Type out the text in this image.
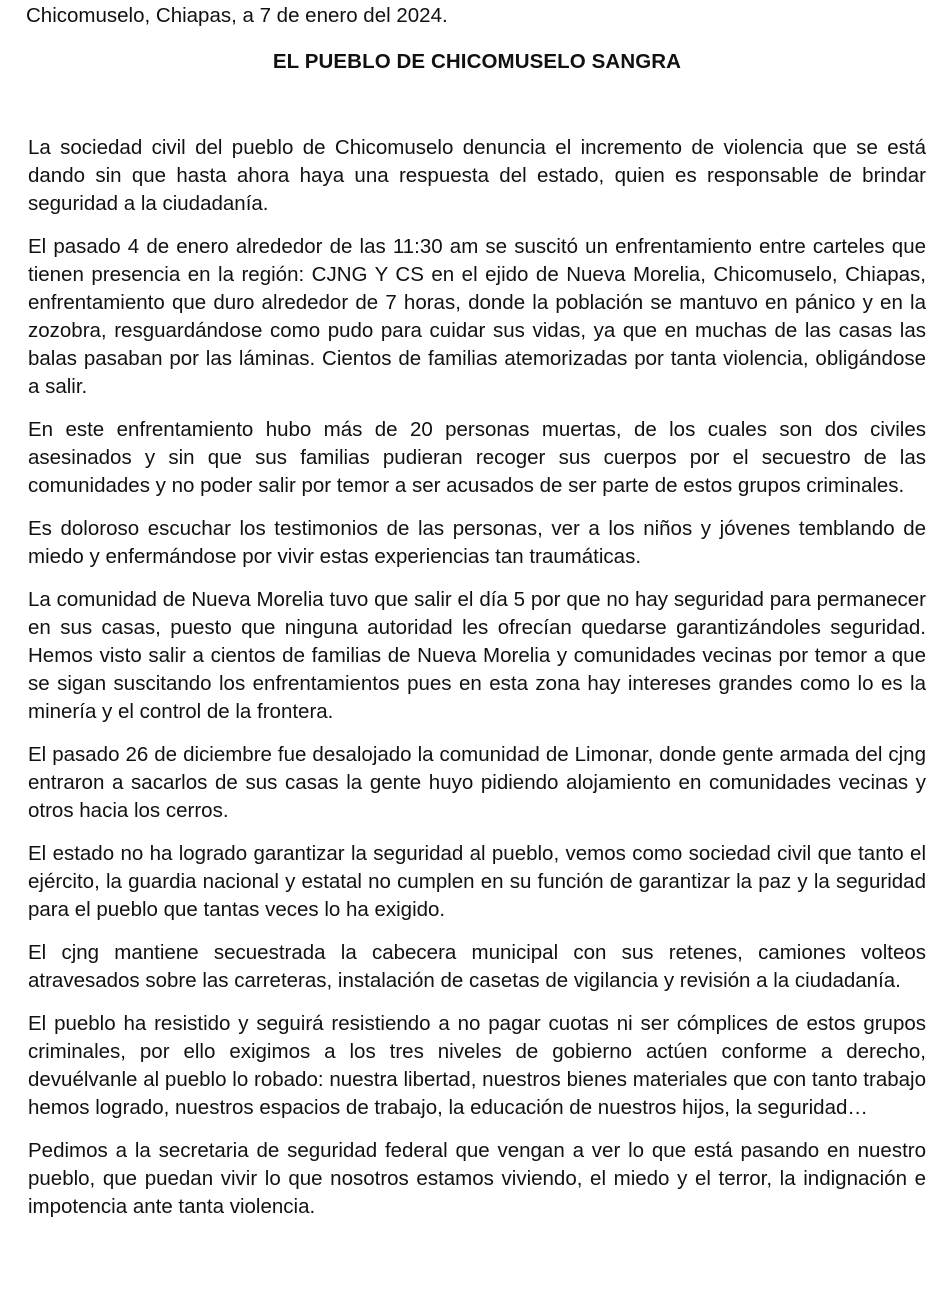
Chicomuselo, Chiapas, a 7 de enero del 2024.

EL PUEBLO DE CHICOMUSELO SANGRA

La sociedad civil del pueblo de Chicomuselo denuncia el incremento de violencia que se está dando sin que hasta ahora haya una respuesta del estado, quien es responsable de brindar seguridad a la ciudadanía.

El pasado 4 de enero alrededor de las 11:30 am se suscitó un enfrentamiento entre carteles que tienen presencia en la región: CJNG Y CS en el ejido de Nueva Morelia, Chicomuselo, Chiapas, enfrentamiento que duro alrededor de 7 horas, donde la población se mantuvo en pánico y en la zozobra, resguardándose como pudo para cuidar sus vidas, ya que en muchas de las casas las balas pasaban por las láminas. Cientos de familias atemorizadas por tanta violencia, obligándose a salir.

En este enfrentamiento hubo más de 20 personas muertas, de los cuales son dos civiles asesinados y sin que sus familias pudieran recoger sus cuerpos por el secuestro de las comunidades y no poder salir por temor a ser acusados de ser parte de estos grupos criminales.

Es doloroso escuchar los testimonios de las personas, ver a los niños y jóvenes temblando de miedo y enfermándose por vivir estas experiencias tan traumáticas.

La comunidad de Nueva Morelia tuvo que salir el día 5 por que no hay seguridad para permanecer en sus casas, puesto que ninguna autoridad les ofrecían quedarse garantizándoles seguridad. Hemos visto salir a cientos de familias de Nueva Morelia y comunidades vecinas por temor a que se sigan suscitando los enfrentamientos pues en esta zona hay intereses grandes como lo es la minería y el control de la frontera.

El pasado 26 de diciembre fue desalojado la comunidad de Limonar, donde gente armada del cjng entraron a sacarlos de sus casas la gente huyo pidiendo alojamiento en comunidades vecinas y otros hacia los cerros.

El estado no ha logrado garantizar la seguridad al pueblo, vemos como sociedad civil que tanto el ejército, la guardia nacional y estatal no cumplen en su función de garantizar la paz y la seguridad para el pueblo que tantas veces lo ha exigido.

El cjng mantiene secuestrada la cabecera municipal con sus retenes, camiones volteos atravesados sobre las carreteras, instalación de casetas de vigilancia y revisión a la ciudadanía.

El pueblo ha resistido y seguirá resistiendo a no pagar cuotas ni ser cómplices de estos grupos criminales, por ello exigimos a los tres niveles de gobierno actúen conforme a derecho, devuélvanle al pueblo lo robado: nuestra libertad, nuestros bienes materiales que con tanto trabajo hemos logrado, nuestros espacios de trabajo, la educación de nuestros hijos, la seguridad…

Pedimos a la secretaria de seguridad federal que vengan a ver lo que está pasando en nuestro pueblo, que puedan vivir lo que nosotros estamos viviendo, el miedo y el terror, la indignación e impotencia ante tanta violencia.
